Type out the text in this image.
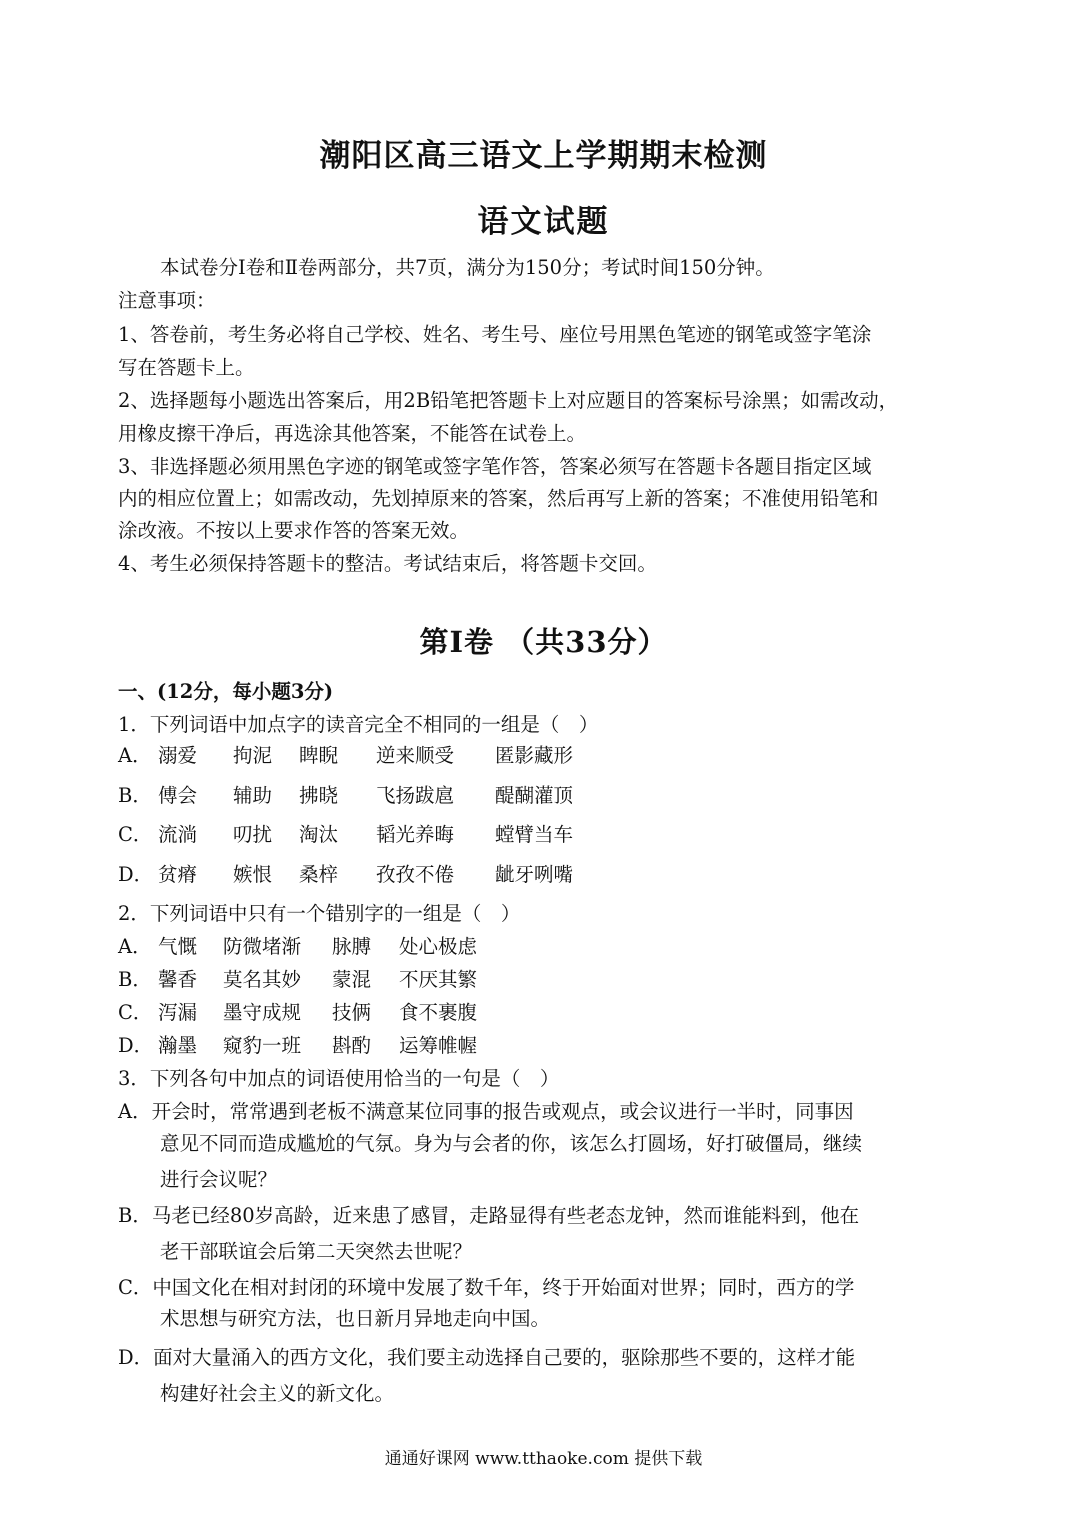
潮阳区高三语文上学期期末检测
语文试题
本试卷分Ⅰ卷和Ⅱ卷两部分，共7页，满分为150分；考试时间150分钟。
注意事项：
1、答卷前，考生务必将自己学校、姓名、考生号、座位号用黑色笔迹的钢笔或签字笔涂
写在答题卡上。
2、选择题每小题选出答案后，用2B铅笔把答题卡上对应题目的答案标号涂黑；如需改动，
用橡皮擦干净后，再选涂其他答案，不能答在试卷上。
3、非选择题必须用黑色字迹的钢笔或签字笔作答，答案必须写在答题卡各题目指定区域
内的相应位置上；如需改动，先划掉原来的答案，然后再写上新的答案；不准使用铅笔和
涂改液。不按以上要求作答的答案无效。
4、考生必须保持答题卡的整洁。考试结束后，将答题卡交回。
第Ⅰ卷 （共33分）
一、(12分，每小题3分)
1．下列词语中加点字的读音完全不相同的一组是（　）
A． 溺爱 拘泥 睥睨 逆来顺受 匿影藏形
B． 傅会 辅助 拂晓 飞扬跋扈 醍醐灌顶
C． 流淌 叨扰 淘汰 韬光养晦 螳臂当车
D． 贫瘠 嫉恨 桑梓 孜孜不倦 龇牙咧嘴
2．下列词语中只有一个错别字的一组是（　）
A． 气慨 防微堵渐 脉膊 处心极虑
B． 馨香 莫名其妙 蒙混 不厌其繁
C． 泻漏 墨守成规 技俩 食不裹腹
D． 瀚墨 窥豹一班 斟酌 运筹帷幄
3．下列各句中加点的词语使用恰当的一句是（　）
A．开会时，常常遇到老板不满意某位同事的报告或观点，或会议进行一半时，同事因
意见不同而造成尴尬的气氛。身为与会者的你，该怎么打圆场，好打破僵局，继续
进行会议呢？
B．马老已经80岁高龄，近来患了感冒，走路显得有些老态龙钟，然而谁能料到，他在
老干部联谊会后第二天突然去世呢？
C．中国文化在相对封闭的环境中发展了数千年，终于开始面对世界；同时，西方的学
术思想与研究方法，也日新月异地走向中国。
D．面对大量涌入的西方文化，我们要主动选择自己要的，驱除那些不要的，这样才能
构建好社会主义的新文化。
通通好课网 www.tthaoke.com 提供下载
